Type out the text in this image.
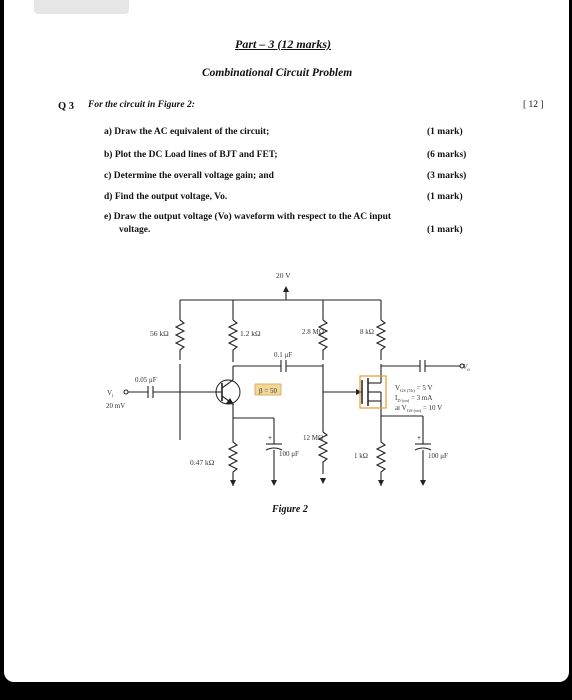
Part – 3 (12 marks)
Combinational Circuit Problem
Q 3 For the circuit in Figure 2:	[ 12 ]
a) Draw the AC equivalent of the circuit;	(1 mark)
b) Plot the DC Load lines of BJT and FET;	(6 marks)
c) Determine the overall voltage gain; and	(3 marks)
d) Find the output voltage, Vo.	(1 mark)
e) Draw the output voltage (Vo) waveform with respect to the AC input
voltage.	(1 mark)
20 V
56 kΩ	1.2 kΩ	2.8 MΩ	8 kΩ
0.1 μF
0.05 μF
$V_i$
20 mV
β = 50	$V_{GS (Th)} = 5$ V
$I_{D (on)} = 3$ mA
at $V_{GS (on)} = 10$ V
$V_o$
0.47 kΩ
100 μF
+	12 MΩ
1 kΩ	100 μF
+
Figure 2
